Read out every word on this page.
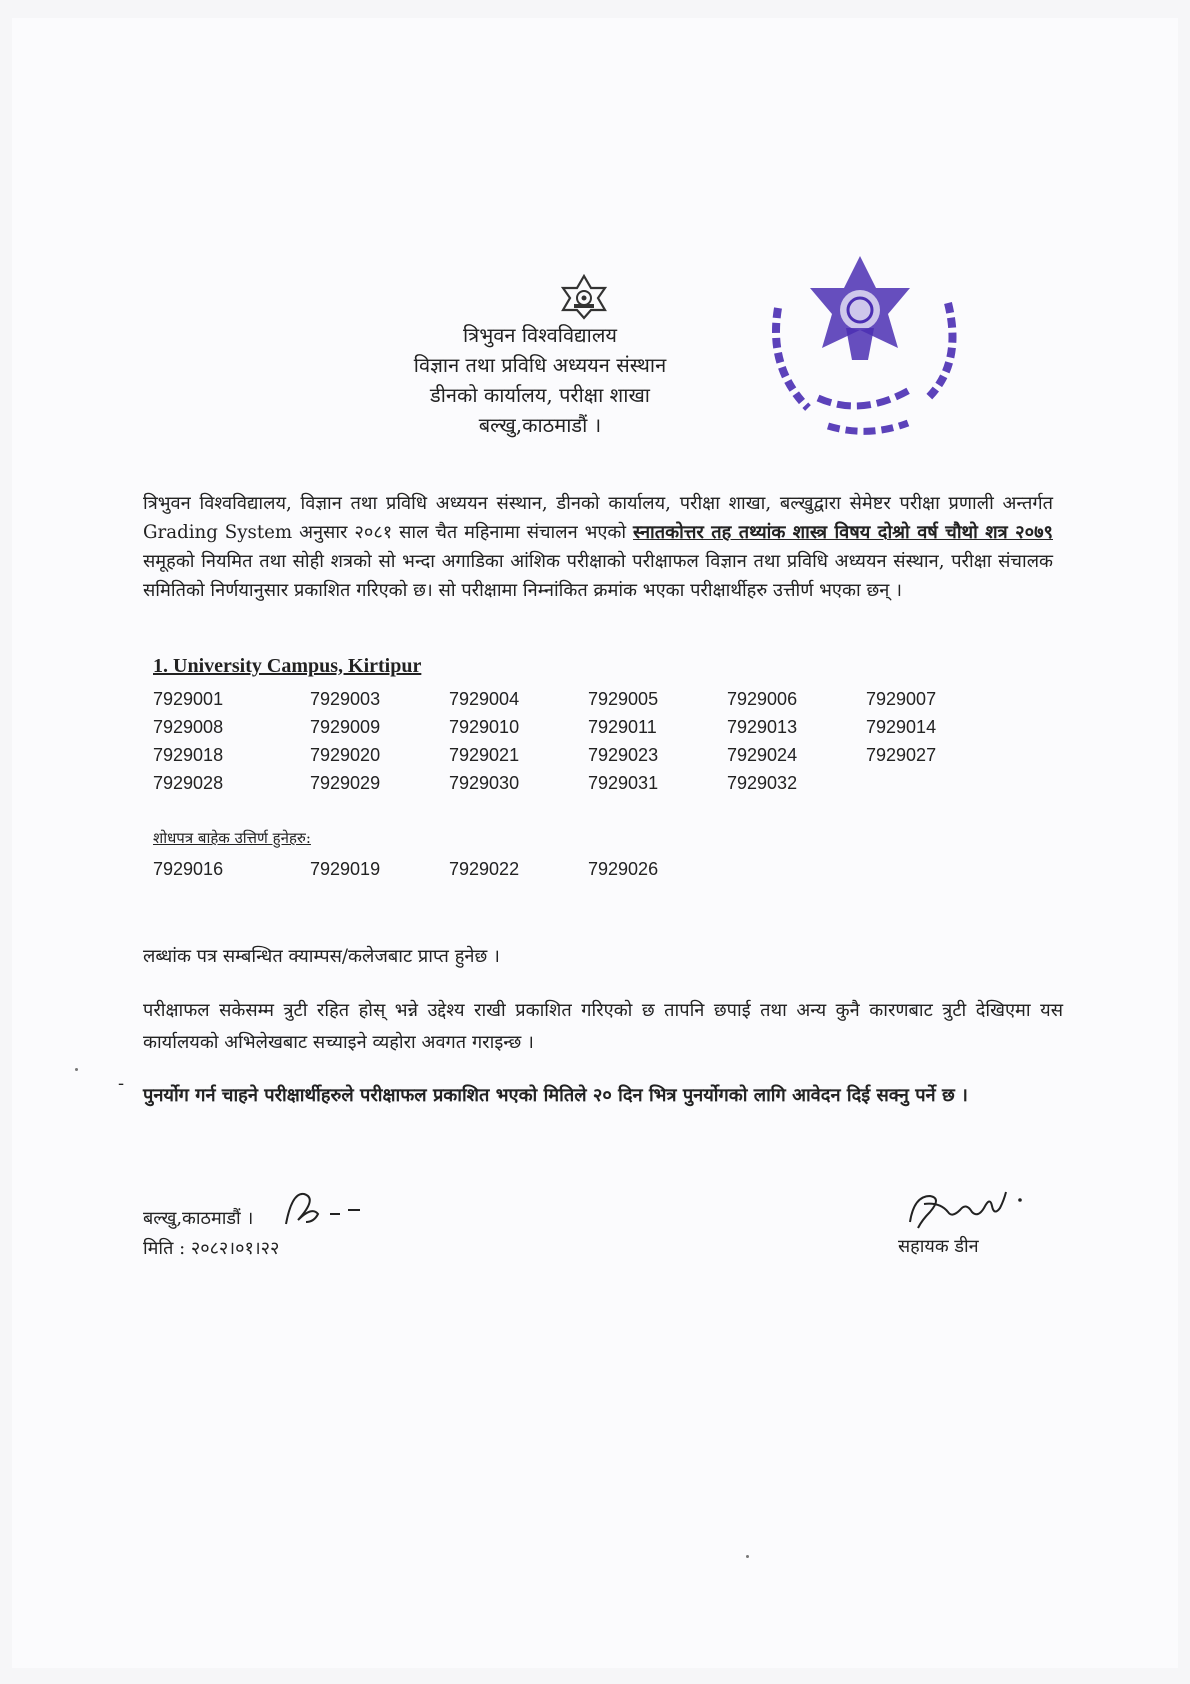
त्रिभुवन विश्वविद्यालय
विज्ञान तथा प्रविधि अध्ययन संस्थान
डीनको कार्यालय, परीक्षा शाखा
बल्खु,काठमाडौं ।
त्रिभुवन विश्वविद्यालय, विज्ञान तथा प्रविधि अध्ययन संस्थान, डीनको कार्यालय, परीक्षा शाखा, बल्खुद्वारा सेमेष्टर परीक्षा प्रणाली अन्तर्गत Grading System अनुसार २०८१ साल चैत महिनामा संचालन भएको स्नातकोत्तर तह तथ्यांक शास्त्र विषय दोश्रो वर्ष चौथो शत्र २०७९ समूहको नियमित तथा सोही शत्रको सो भन्दा अगाडिका आंशिक परीक्षाको परीक्षाफल विज्ञान तथा प्रविधि अध्ययन संस्थान, परीक्षा संचालक समितिको निर्णयानुसार प्रकाशित गरिएको छ। सो परीक्षामा निम्नांकित क्रमांक भएका परीक्षार्थीहरु उत्तीर्ण भएका छन् ।
1. University Campus, Kirtipur
7929001	7929003	7929004	7929005	7929006	7929007
7929008	7929009	7929010	7929011	7929013	7929014
7929018	7929020	7929021	7929023	7929024	7929027
7929028	7929029	7929030	7929031	7929032
शोधपत्र बाहेक उत्तिर्ण हुनेहरु:
7929016	7929019	7929022	7929026
लब्धांक पत्र सम्बन्धित क्याम्पस/कलेजबाट प्राप्त हुनेछ ।
परीक्षाफल सकेसम्म त्रुटी रहित होस् भन्ने उद्देश्य राखी प्रकाशित गरिएको छ तापनि छपाई तथा अन्य कुनै कारणबाट त्रुटी देखिएमा यस कार्यालयको अभिलेखबाट सच्याइने व्यहोरा अवगत गराइन्छ ।
-
पुनर्योग गर्न चाहने परीक्षार्थीहरुले परीक्षाफल प्रकाशित भएको मितिले २० दिन भित्र पुनर्योगको लागि आवेदन दिई सक्नु पर्ने छ ।
बल्खु,काठमाडौं ।
मिति : २०८२।०१।२२	सहायक डीन
